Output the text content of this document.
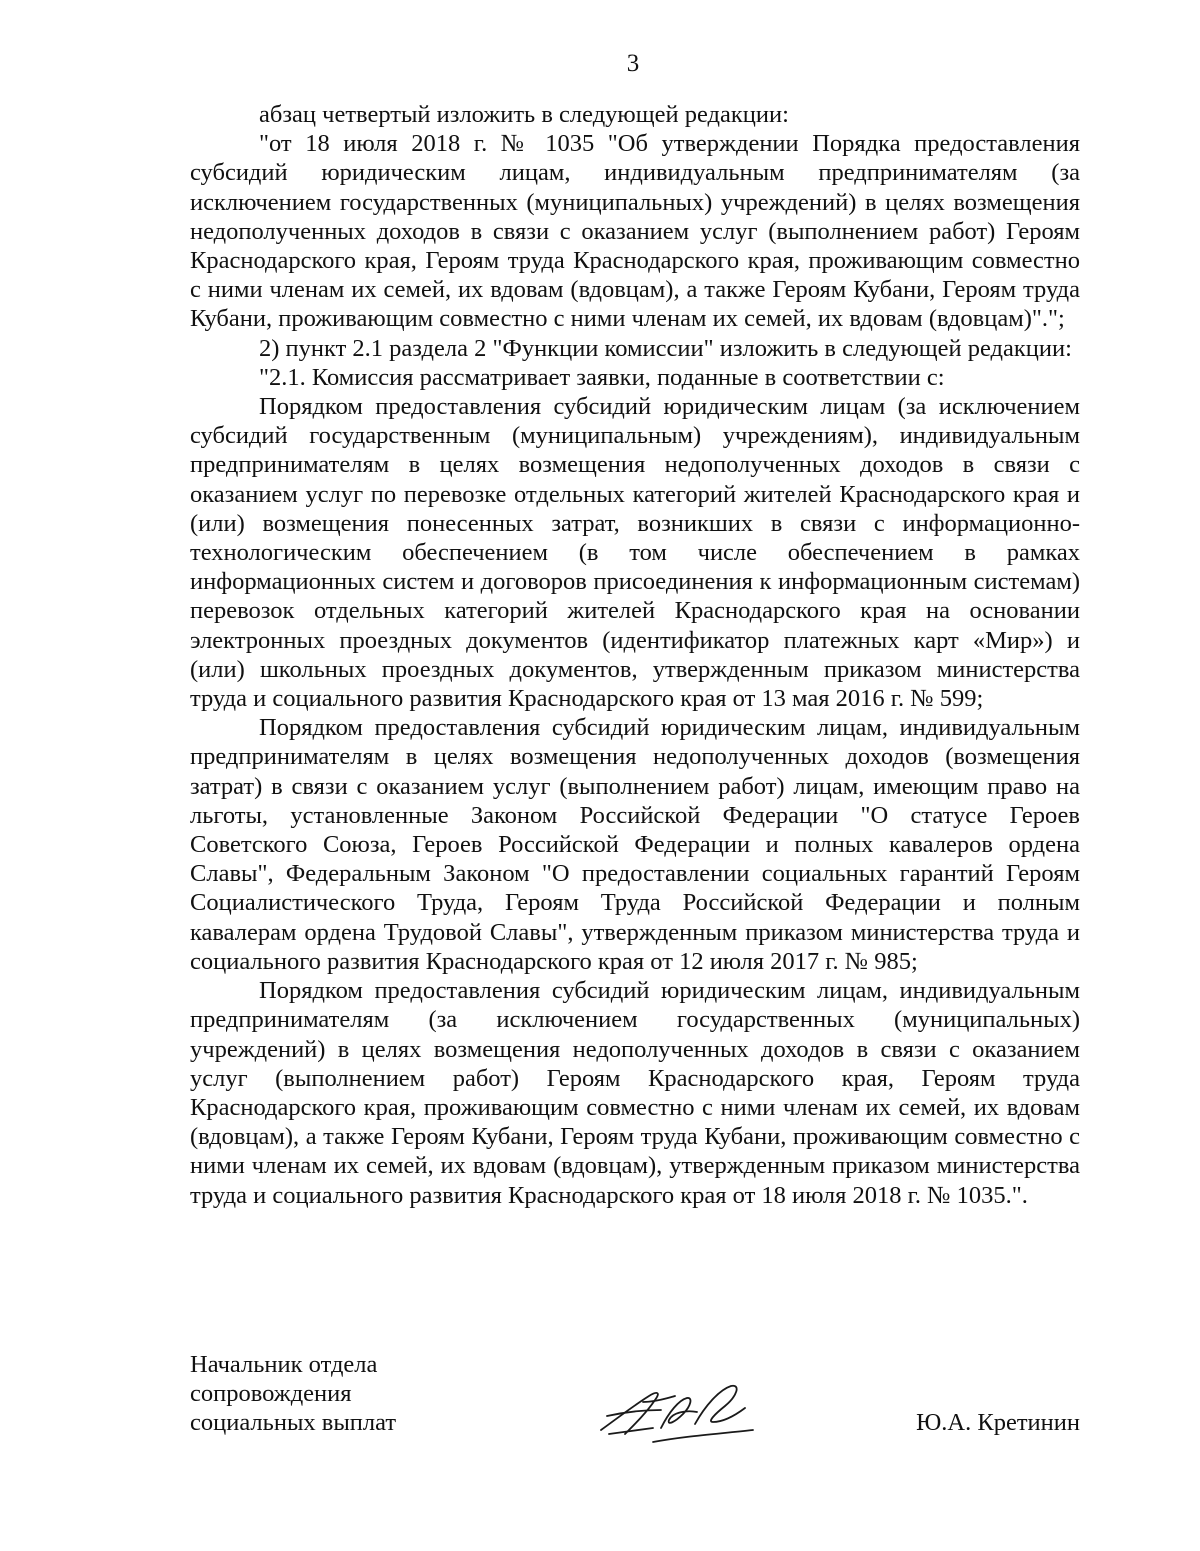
3

абзац четвертый изложить в следующей редакции:

"от 18 июля 2018 г. № 1035 "Об утверждении Порядка предоставления субсидий юридическим лицам, индивидуальным предпринимателям (за исключением государственных (муниципальных) учреждений) в целях возмещения недополученных доходов в связи с оказанием услуг (выполнением работ) Героям Краснодарского края, Героям труда Краснодарского края, проживающим совместно с ними членам их семей, их вдовам (вдовцам), а также Героям Кубани, Героям труда Кубани, проживающим совместно с ними членам их семей, их вдовам (вдовцам)".";

2) пункт 2.1 раздела 2 "Функции комиссии" изложить в следующей редакции:

"2.1. Комиссия рассматривает заявки, поданные в соответствии с:

Порядком предоставления субсидий юридическим лицам (за исключением субсидий государственным (муниципальным) учреждениям), индивидуальным предпринимателям в целях возмещения недополученных доходов в связи с оказанием услуг по перевозке отдельных категорий жителей Краснодарского края и (или) возмещения понесенных затрат, возникших в связи с информационно-технологическим обеспечением (в том числе обеспечением в рамках информационных систем и договоров присоединения к информационным системам) перевозок отдельных категорий жителей Краснодарского края на основании электронных проездных документов (идентификатор платежных карт «Мир») и (или) школьных проездных документов, утвержденным приказом министерства труда и социального развития Краснодарского края от 13 мая 2016 г. № 599;

Порядком предоставления субсидий юридическим лицам, индивидуальным предпринимателям в целях возмещения недополученных доходов (возмещения затрат) в связи с оказанием услуг (выполнением работ) лицам, имеющим право на льготы, установленные Законом Российской Федерации "О статусе Героев Советского Союза, Героев Российской Федерации и полных кавалеров ордена Славы", Федеральным Законом "О предоставлении социальных гарантий Героям Социалистического Труда, Героям Труда Российской Федерации и полным кавалерам ордена Трудовой Славы", утвержденным приказом министерства труда и социального развития Краснодарского края от 12 июля 2017 г. № 985;

Порядком предоставления субсидий юридическим лицам, индивидуальным предпринимателям (за исключением государственных (муниципальных) учреждений) в целях возмещения недополученных доходов в связи с оказанием услуг (выполнением работ) Героям Краснодарского края, Героям труда Краснодарского края, проживающим совместно с ними членам их семей, их вдовам (вдовцам), а также Героям Кубани, Героям труда Кубани, проживающим совместно с ними членам их семей, их вдовам (вдовцам), утвержденным приказом министерства труда и социального развития Краснодарского края от 18 июля 2018 г. № 1035.".

Начальник отдела
сопровождения
социальных выплат	Ю.А. Кретинин
